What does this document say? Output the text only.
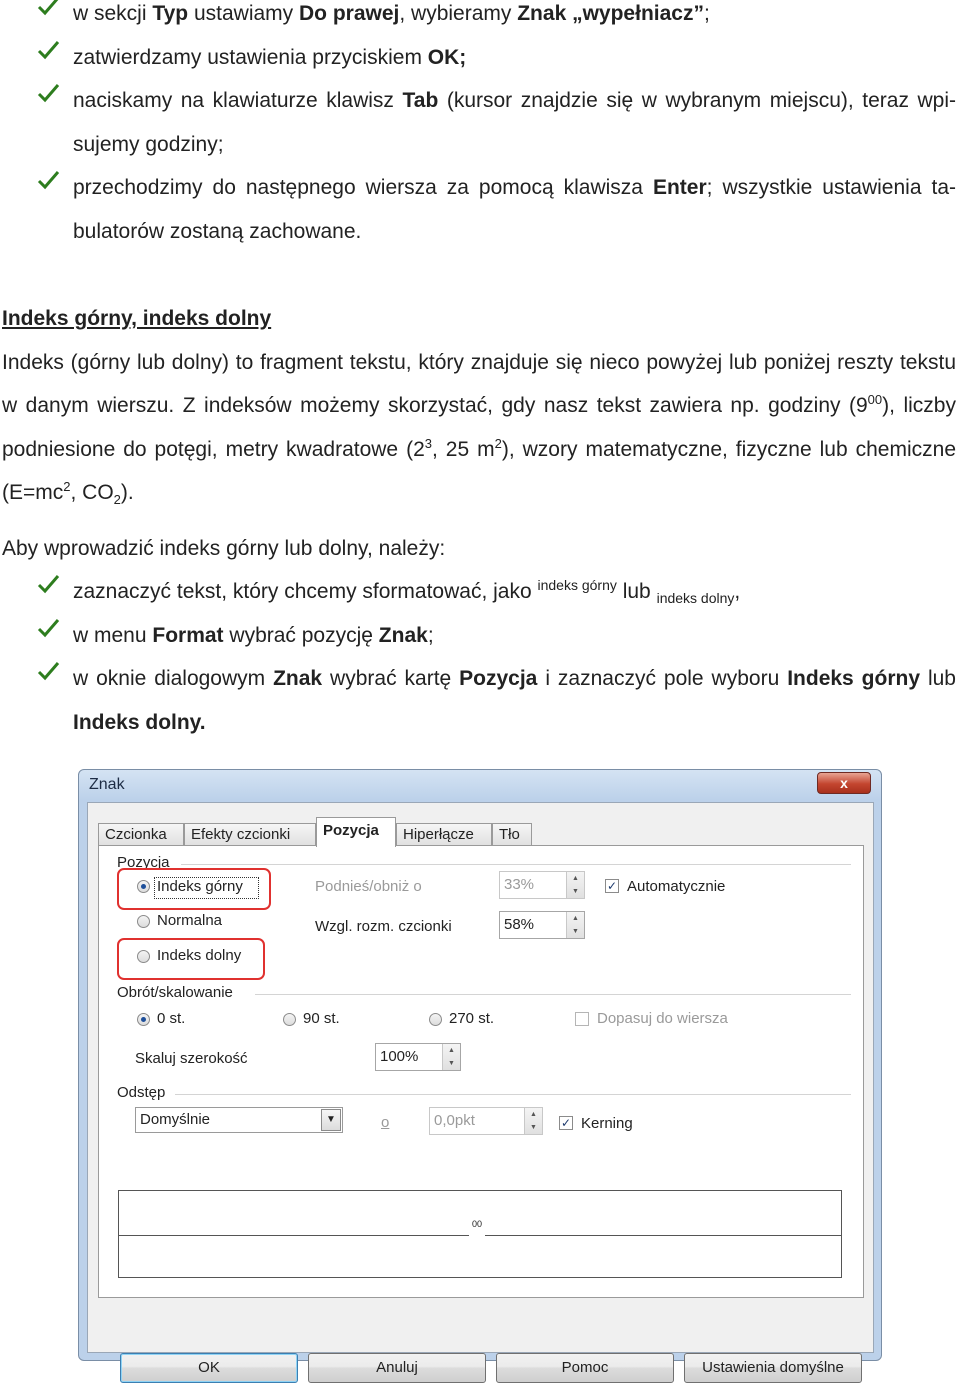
w sekcji Typ ustawiamy Do prawej, wybieramy Znak „wypełniacz”;
zatwierdzamy ustawienia przyciskiem OK;
naciskamy na klawiaturze klawisz Tab (kursor znajdzie się w wybranym miejscu), teraz wpi-sujemy godziny;
przechodzimy do następnego wiersza za pomocą klawisza Enter; wszystkie ustawienia ta-bulatorów zostaną zachowane.
Indeks górny, indeks dolny
Indeks (górny lub dolny) to fragment tekstu, który znajduje się nieco powyżej lub poniżej reszty tekstu w danym wierszu. Z indeksów możemy skorzystać, gdy nasz tekst zawiera np. godziny $(9^{00})$, liczby podniesione do potęgi, metry kwadratowe ($2^3$, 25 $m^2$), wzory matematyczne, fizyczne lub chemiczne ($E=mc^2$, $CO_2$).
Aby wprowadzić indeks górny lub dolny, należy:
zaznaczyć tekst, który chcemy sformatować, jako $^{indeks górny}$ lub $_{indeks dolny}$,
w menu Format wybrać pozycję Znak;
w oknie dialogowym Znak wybrać kartę Pozycja i zaznaczyć pole wyboru Indeks górny lub Indeks dolny.
Znak	x
Czcionka	Efekty czcionki	Pozycja	Hiperłącze	Tło
Pozycja
Indeks górny
Normalna
Indeks dolny
Podnieś/obniż o	33%	▲
▼	✓ Automatycznie
Wzgl. rozm. czcionki	58%	▲
▼
Obrót/skalowanie
0 st.	90 st.	270 st.	Dopasuj do wiersza
Skaluj szerokość	100%	▲
▼
Odstęp
Domyślnie	▼	o	0,0pkt	▲
▼	✓ Kerning
00
OK	Anuluj	Pomoc	Ustawienia domyślne
